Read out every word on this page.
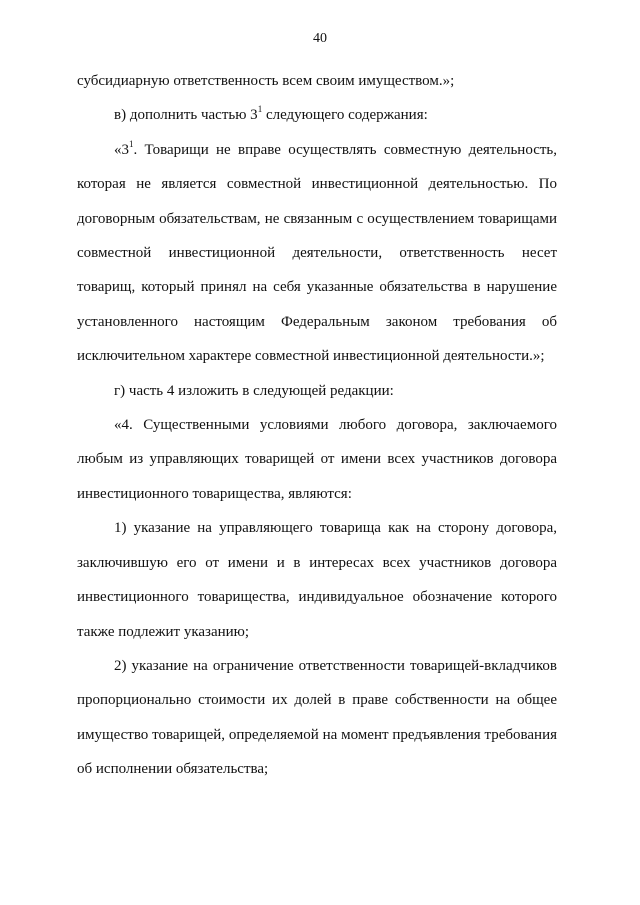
40

субсидиарную ответственность всем своим имуществом.»;

в) дополнить частью $3^1$ следующего содержания:

«$3^1$. Товарищи не вправе осуществлять совместную деятельность,
которая не является совместной инвестиционной деятельностью. По
договорным обязательствам, не связанным с осуществлением товарищами
совместной инвестиционной деятельности, ответственность несет
товарищ, который принял на себя указанные обязательства в нарушение
установленного настоящим Федеральным законом требования об
исключительном характере совместной инвестиционной деятельности.»;

г) часть 4 изложить в следующей редакции:

«4. Существенными условиями любого договора, заключаемого
любым из управляющих товарищей от имени всех участников договора
инвестиционного товарищества, являются:
1) указание на управляющего товарища как на сторону договора,
заключившую его от имени и в интересах всех участников договора
инвестиционного товарищества, индивидуальное обозначение которого
также подлежит указанию;
2) указание на ограничение ответственности товарищей-вкладчиков
пропорционально стоимости их долей в праве собственности на общее
имущество товарищей, определяемой на момент предъявления требования
об исполнении обязательства;
